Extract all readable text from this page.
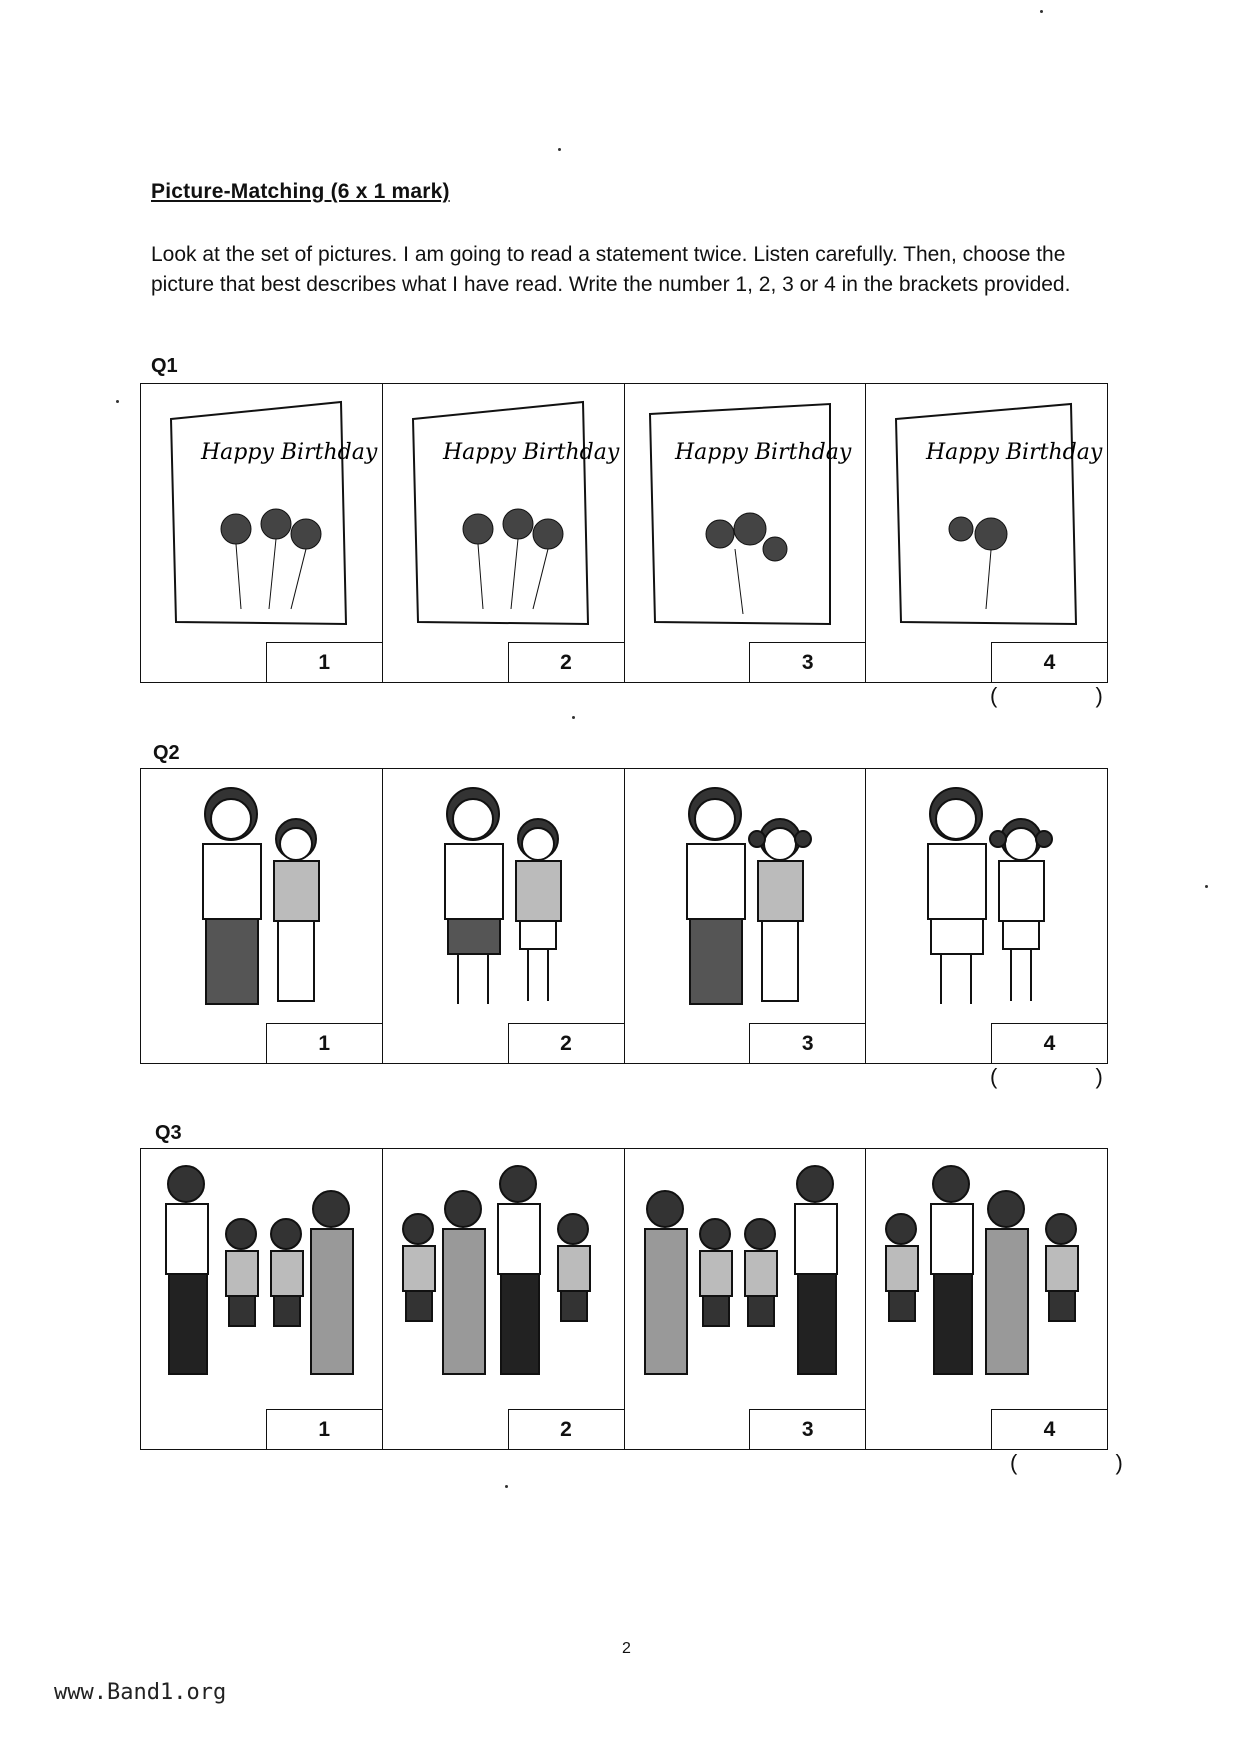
Picture-Matching (6 x 1 mark)
Look at the set of pictures. I am going to read a statement twice. Listen carefully. Then, choose the picture that best describes what I have read. Write the number 1, 2, 3 or 4 in the brackets provided.
Q1
Happy Birthday
1
Happy Birthday
2
Happy Birthday
3
Happy Birthday
4
( )
Q2
1	2	3	4
( )
Q3
1	2	3	4
( )
2
www.Band1.org
